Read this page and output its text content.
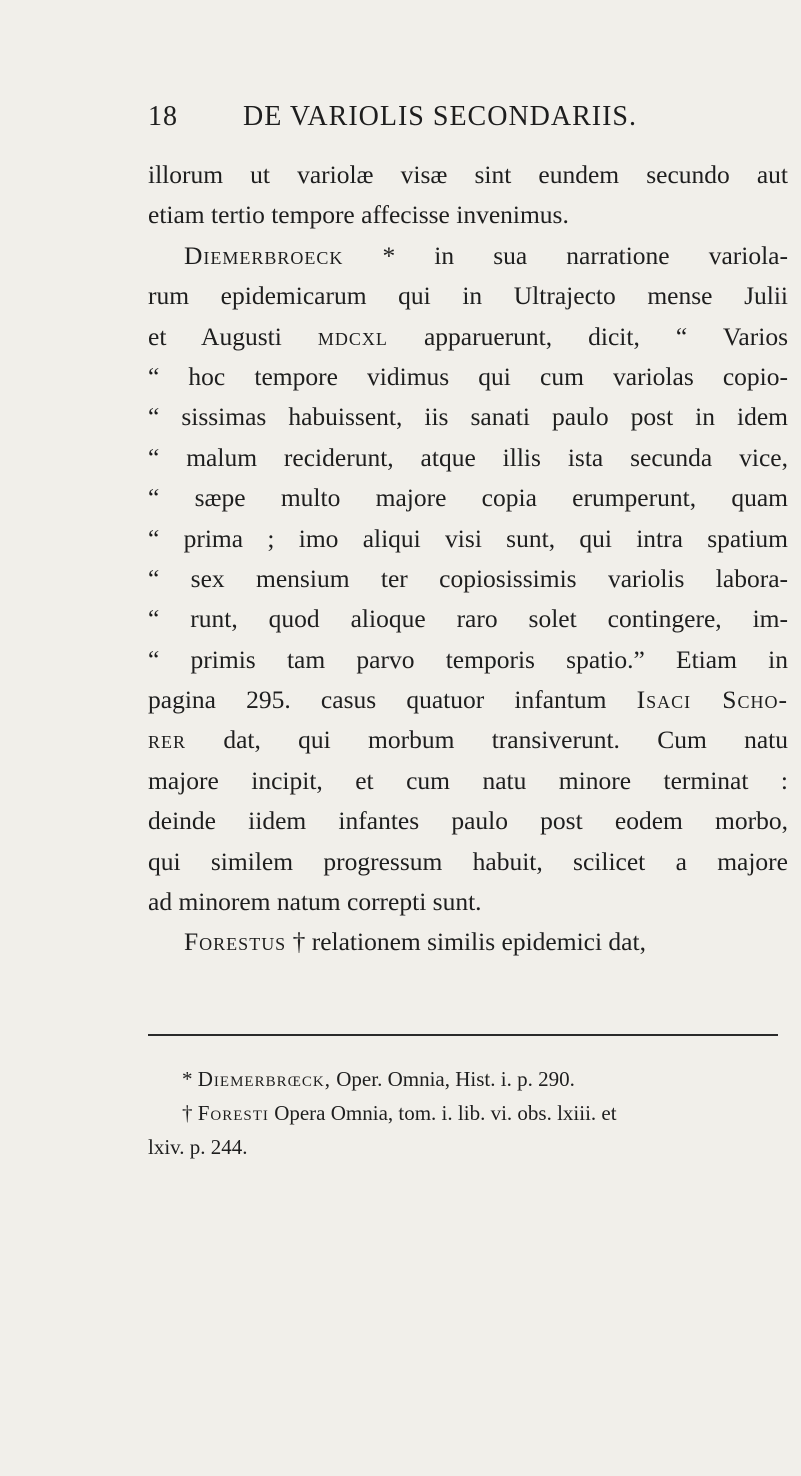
18 DE VARIOLIS SECONDARIIS.
illorum ut variolæ visæ sint eundem secundo aut
etiam tertio tempore affecisse invenimus.
Diemerbroeck * in sua narratione variola-
rum epidemicarum qui in Ultrajecto mense Julii
et Augusti mdcxl apparuerunt, dicit, “ Varios
“ hoc tempore vidimus qui cum variolas copio-
“ sissimas habuissent, iis sanati paulo post in idem
“ malum reciderunt, atque illis ista secunda vice,
“ sæpe multo majore copia erumperunt, quam
“ prima ; imo aliqui visi sunt, qui intra spatium
“ sex mensium ter copiosissimis variolis labora-
“ runt, quod alioque raro solet contingere, im-
“ primis tam parvo temporis spatio.” Etiam in
pagina 295. casus quatuor infantum Isaci Scho-
rer dat, qui morbum transiverunt. Cum natu
majore incipit, et cum natu minore terminat :
deinde iidem infantes paulo post eodem morbo,
qui similem progressum habuit, scilicet a majore
ad minorem natum correpti sunt.
Forestus † relationem similis epidemici dat,
* Diemerbrœck, Oper. Omnia, Hist. i. p. 290.
† Foresti Opera Omnia, tom. i. lib. vi. obs. lxiii. et
lxiv. p. 244.
